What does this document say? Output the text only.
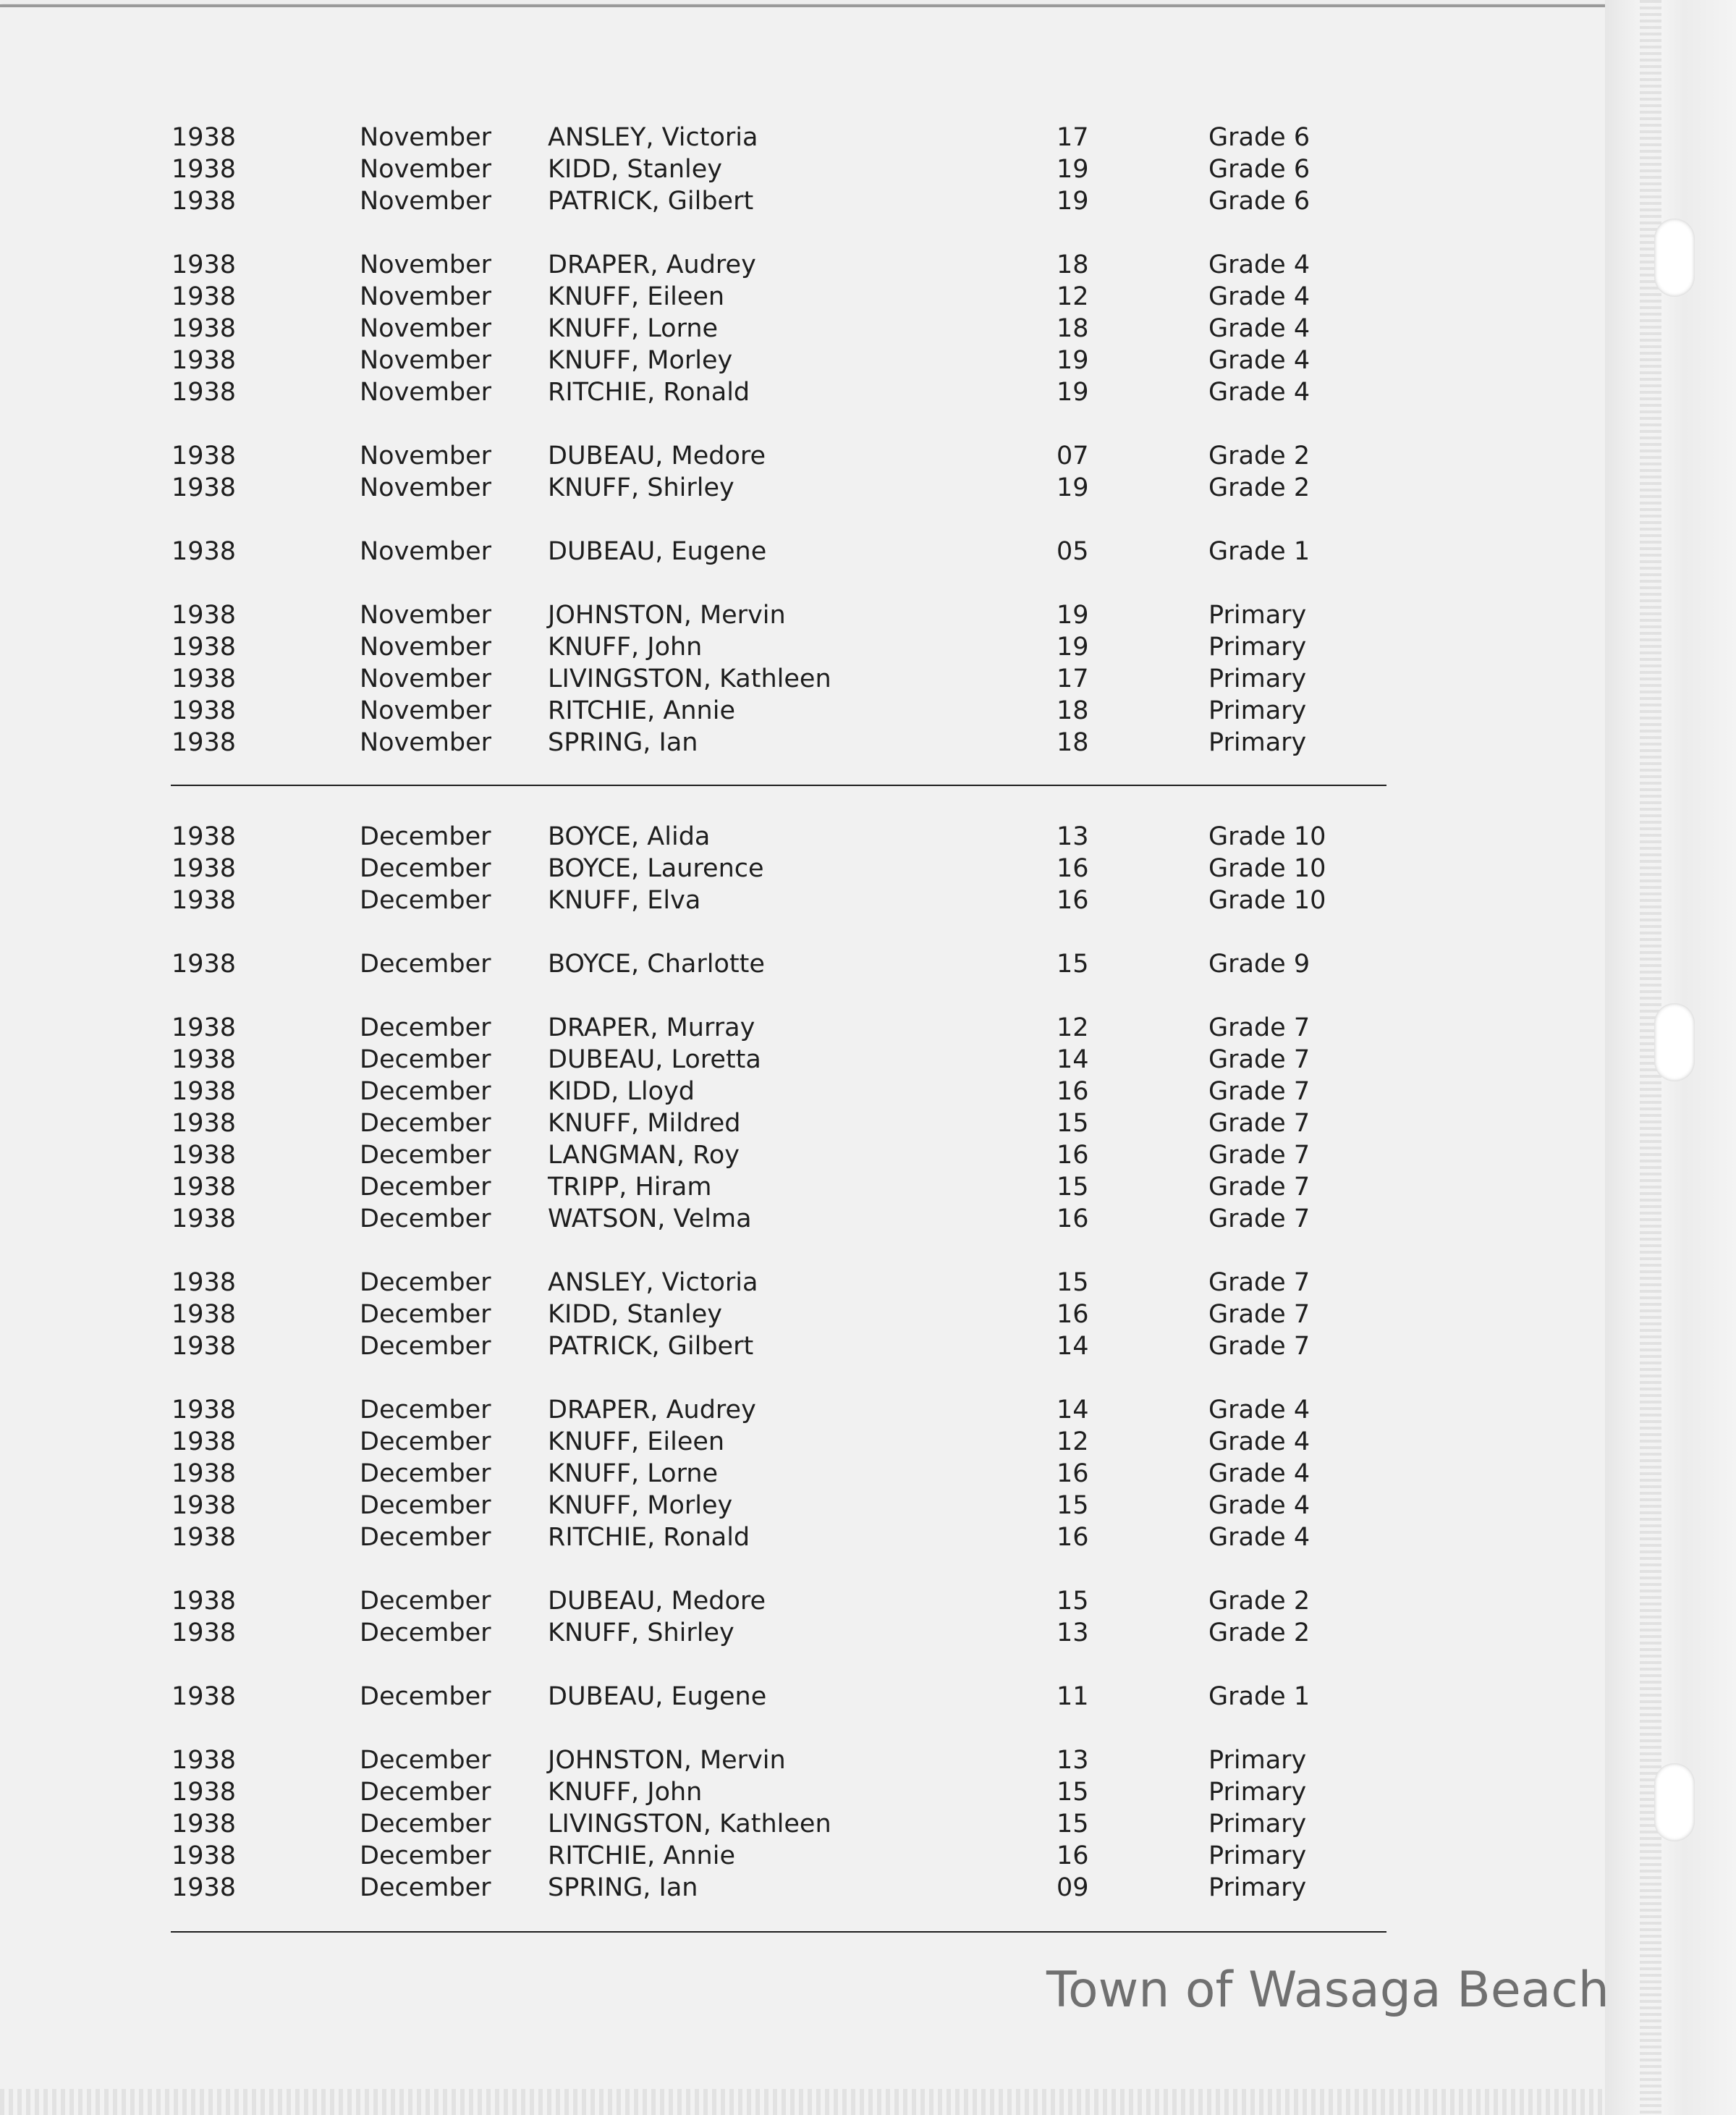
1938	November ANSLEY, Victoria	17	Grade 6
1938	November KIDD, Stanley	19	Grade 6
1938	November PATRICK, Gilbert	19	Grade 6
1938	November DRAPER, Audrey	18	Grade 4
1938	November KNUFF, Eileen	12	Grade 4
1938	November KNUFF, Lorne	18	Grade 4
1938	November KNUFF, Morley	19	Grade 4
1938	November RITCHIE, Ronald	19	Grade 4
1938	November DUBEAU, Medore	07	Grade 2
1938	November KNUFF, Shirley	19	Grade 2
1938	November DUBEAU, Eugene	05	Grade 1
1938	November JOHNSTON, Mervin	19	Primary
1938	November KNUFF, John	19	Primary
1938	November LIVINGSTON, Kathleen	17	Primary
1938	November RITCHIE, Annie	18	Primary
1938	November SPRING, Ian	18	Primary
1938	December BOYCE, Alida	13	Grade 10
1938	December BOYCE, Laurence	16	Grade 10
1938	December KNUFF, Elva	16	Grade 10
1938	December BOYCE, Charlotte	15	Grade 9
1938	December DRAPER, Murray	12	Grade 7
1938	December DUBEAU, Loretta	14	Grade 7
1938	December KIDD, Lloyd	16	Grade 7
1938	December KNUFF, Mildred	15	Grade 7
1938	December LANGMAN, Roy	16	Grade 7
1938	December TRIPP, Hiram	15	Grade 7
1938	December WATSON, Velma	16	Grade 7
1938	December ANSLEY, Victoria	15	Grade 7
1938	December KIDD, Stanley	16	Grade 7
1938	December PATRICK, Gilbert	14	Grade 7
1938	December DRAPER, Audrey	14	Grade 4
1938	December KNUFF, Eileen	12	Grade 4
1938	December KNUFF, Lorne	16	Grade 4
1938	December KNUFF, Morley	15	Grade 4
1938	December RITCHIE, Ronald	16	Grade 4
1938	December DUBEAU, Medore	15	Grade 2
1938	December KNUFF, Shirley	13	Grade 2
1938	December DUBEAU, Eugene	11	Grade 1
1938	December JOHNSTON, Mervin	13	Primary
1938	December KNUFF, John	15	Primary
1938	December LIVINGSTON, Kathleen	15	Primary
1938	December RITCHIE, Annie	16	Primary
1938	December SPRING, Ian	09	Primary
Town of Wasaga Beach
